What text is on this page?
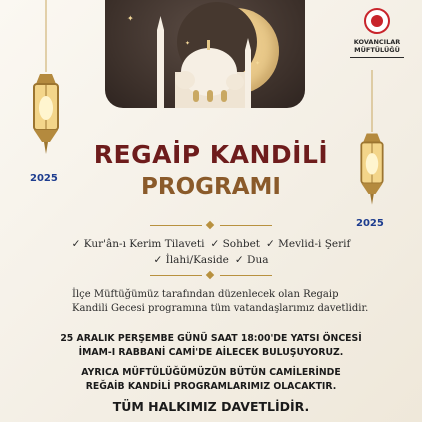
✦
✦
✦
2025
2025
KOVANCILAR
MÜFTÜLÜĞÜ
REGAİP KANDİLİ
PROGRAMI
✓ Kur'ân-ı Kerim Tilaveti ✓ Sohbet ✓ Mevlid-i Şerif
✓ İlahi/Kaside ✓ Dua
İlçe Müftüğümüz tarafından düzenlecek olan Regaip
Kandili Gecesi programına tüm vatandaşlarımız davetlidir.
25 ARALIK PERŞEMBE GÜNÜ SAAT 18:00'DE YATSI ÖNCESİ
İMAM-I RABBANİ CAMİ'DE AİLECEK BULUŞUYORUZ.
AYRICA MÜFTÜLÜĞÜMÜZÜN BÜTÜN CAMİLERİNDE
REĞAİB KANDİLİ PROGRAMLARIMIZ OLACAKTIR.
TÜM HALKIMIZ DAVETLİDİR.
